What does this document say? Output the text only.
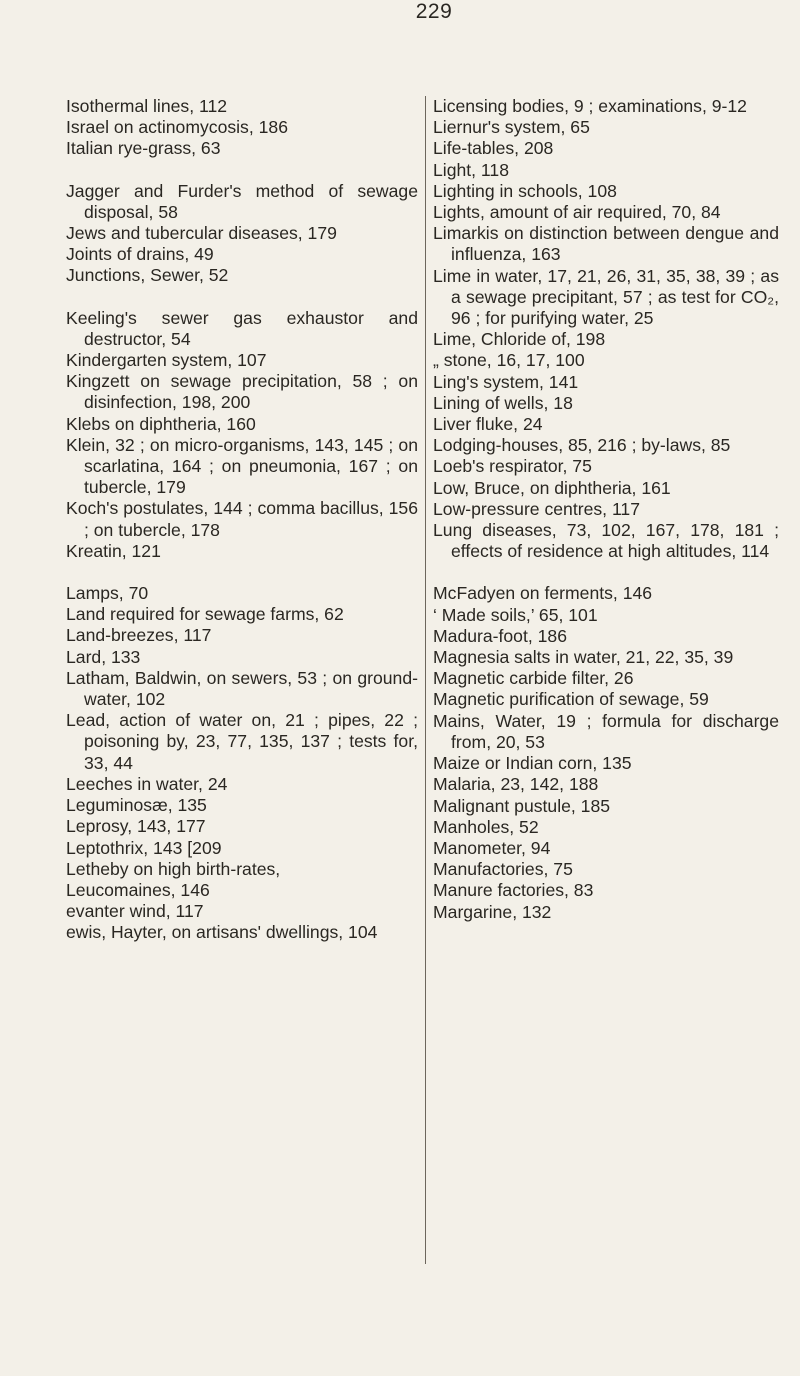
229

Isothermal lines, 112

Israel on actinomycosis, 186

Italian rye-grass, 63

Jagger and Furder's method of sewage disposal, 58

Jews and tubercular diseases, 179

Joints of drains, 49

Junctions, Sewer, 52

Keeling's sewer gas exhaustor and destructor, 54

Kindergarten system, 107

Kingzett on sewage precipitation, 58 ; on disinfection, 198, 200

Klebs on diphtheria, 160

Klein, 32 ; on micro-organisms, 143, 145 ; on scarlatina, 164 ; on pneumonia, 167 ; on tubercle, 179

Koch's postulates, 144 ; comma bacillus, 156 ; on tubercle, 178

Kreatin, 121

Lamps, 70

Land required for sewage farms, 62

Land-breezes, 117

Lard, 133

Latham, Baldwin, on sewers, 53 ; on ground-water, 102

Lead, action of water on, 21 ; pipes, 22 ; poisoning by, 23, 77, 135, 137 ; tests for, 33, 44

Leeches in water, 24

Leguminosæ, 135

Leprosy, 143, 177

Leptothrix, 143 [209

Letheby on high birth-rates,

Leucomaines, 146

evanter wind, 117

ewis, Hayter, on artisans' dwellings, 104

Licensing bodies, 9 ; examinations, 9-12

Liernur's system, 65

Life-tables, 208

Light, 118

Lighting in schools, 108

Lights, amount of air required, 70, 84

Limarkis on distinction between dengue and influenza, 163

Lime in water, 17, 21, 26, 31, 35, 38, 39 ; as a sewage precipitant, 57 ; as test for CO₂, 96 ; for purifying water, 25

Lime, Chloride of, 198

„ stone, 16, 17, 100

Ling's system, 141

Lining of wells, 18

Liver fluke, 24

Lodging-houses, 85, 216 ; by-laws, 85

Loeb's respirator, 75

Low, Bruce, on diphtheria, 161

Low-pressure centres, 117

Lung diseases, 73, 102, 167, 178, 181 ; effects of residence at high altitudes, 114

McFadyen on ferments, 146

‘ Made soils,’ 65, 101

Madura-foot, 186

Magnesia salts in water, 21, 22, 35, 39

Magnetic carbide filter, 26

Magnetic purification of sewage, 59

Mains, Water, 19 ; formula for discharge from, 20, 53

Maize or Indian corn, 135

Malaria, 23, 142, 188

Malignant pustule, 185

Manholes, 52

Manometer, 94

Manufactories, 75

Manure factories, 83

Margarine, 132
